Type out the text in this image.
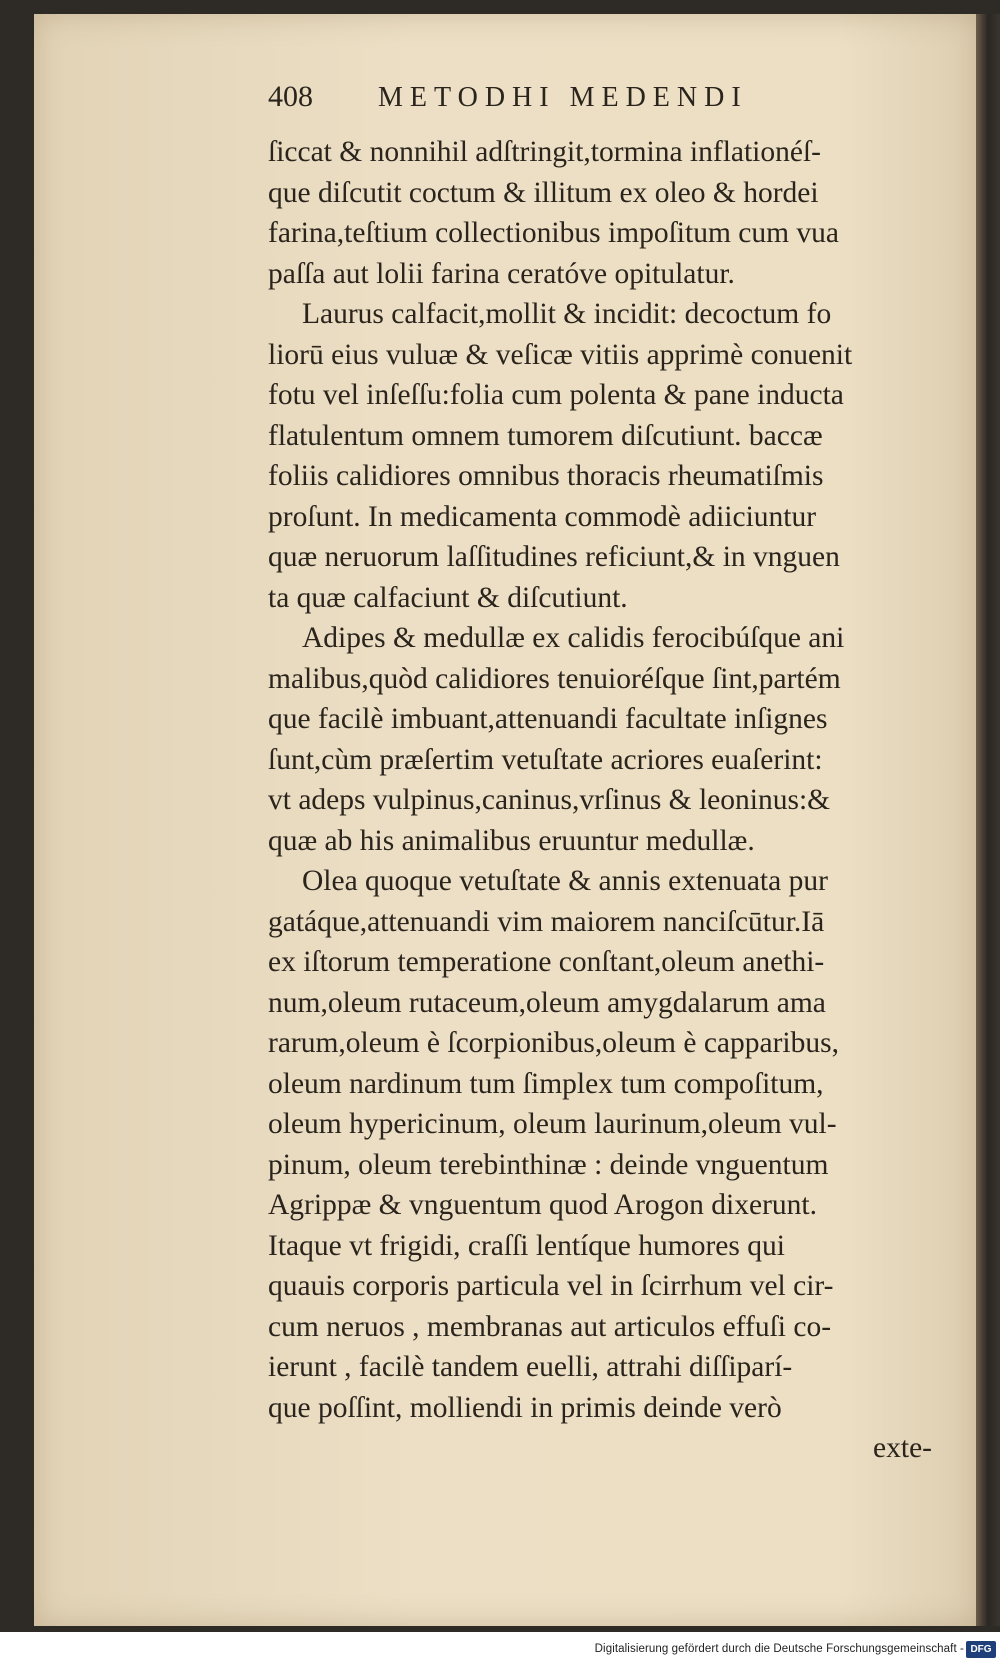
408	METODHI MEDENDI
ſiccat & nonnihil adſtringit,tormina inflationéſ-
que diſcutit coctum & illitum ex oleo & hordei
farina,teſtium collectionibus impoſitum cum vua
paſſa aut lolii farina ceratóve opitulatur.
Laurus calfacit,mollit & incidit: decoctum fo
liorū eius vuluæ & veſicæ vitiis apprimè conuenit
fotu vel inſeſſu:folia cum polenta & pane inducta
flatulentum omnem tumorem diſcutiunt. baccæ
foliis calidiores omnibus thoracis rheumatiſmis
proſunt. In medicamenta commodè adiiciuntur
quæ neruorum laſſitudines reficiunt,& in vnguen
ta quæ calfaciunt & diſcutiunt.
Adipes & medullæ ex calidis ferocibúſque ani
malibus,quòd calidiores tenuioréſque ſint,partém
que facilè imbuant,attenuandi facultate inſignes
ſunt,cùm præſertim vetuſtate acriores euaſerint:
vt adeps vulpinus,caninus,vrſinus & leoninus:&
quæ ab his animalibus eruuntur medullæ.
Olea quoque vetuſtate & annis extenuata pur
gatáque,attenuandi vim maiorem nanciſcūtur.Iā
ex iſtorum temperatione conſtant,oleum anethi-
num,oleum rutaceum,oleum amygdalarum ama
rarum,oleum è ſcorpionibus,oleum è capparibus,
oleum nardinum tum ſimplex tum compoſitum,
oleum hypericinum, oleum laurinum,oleum vul-
pinum, oleum terebinthinæ : deinde vnguentum
Agrippæ & vnguentum quod Arogon dixerunt.
Itaque vt frigidi, craſſi lentíque humores qui
quauis corporis particula vel in ſcirrhum vel cir-
cum neruos , membranas aut articulos effuſi co-
ierunt , facilè tandem euelli, attrahi diſſiparí-
que poſſint, molliendi in primis deinde verò
exte-
Digitalisierung gefördert durch die Deutsche Forschungsgemeinschaft - DFG
